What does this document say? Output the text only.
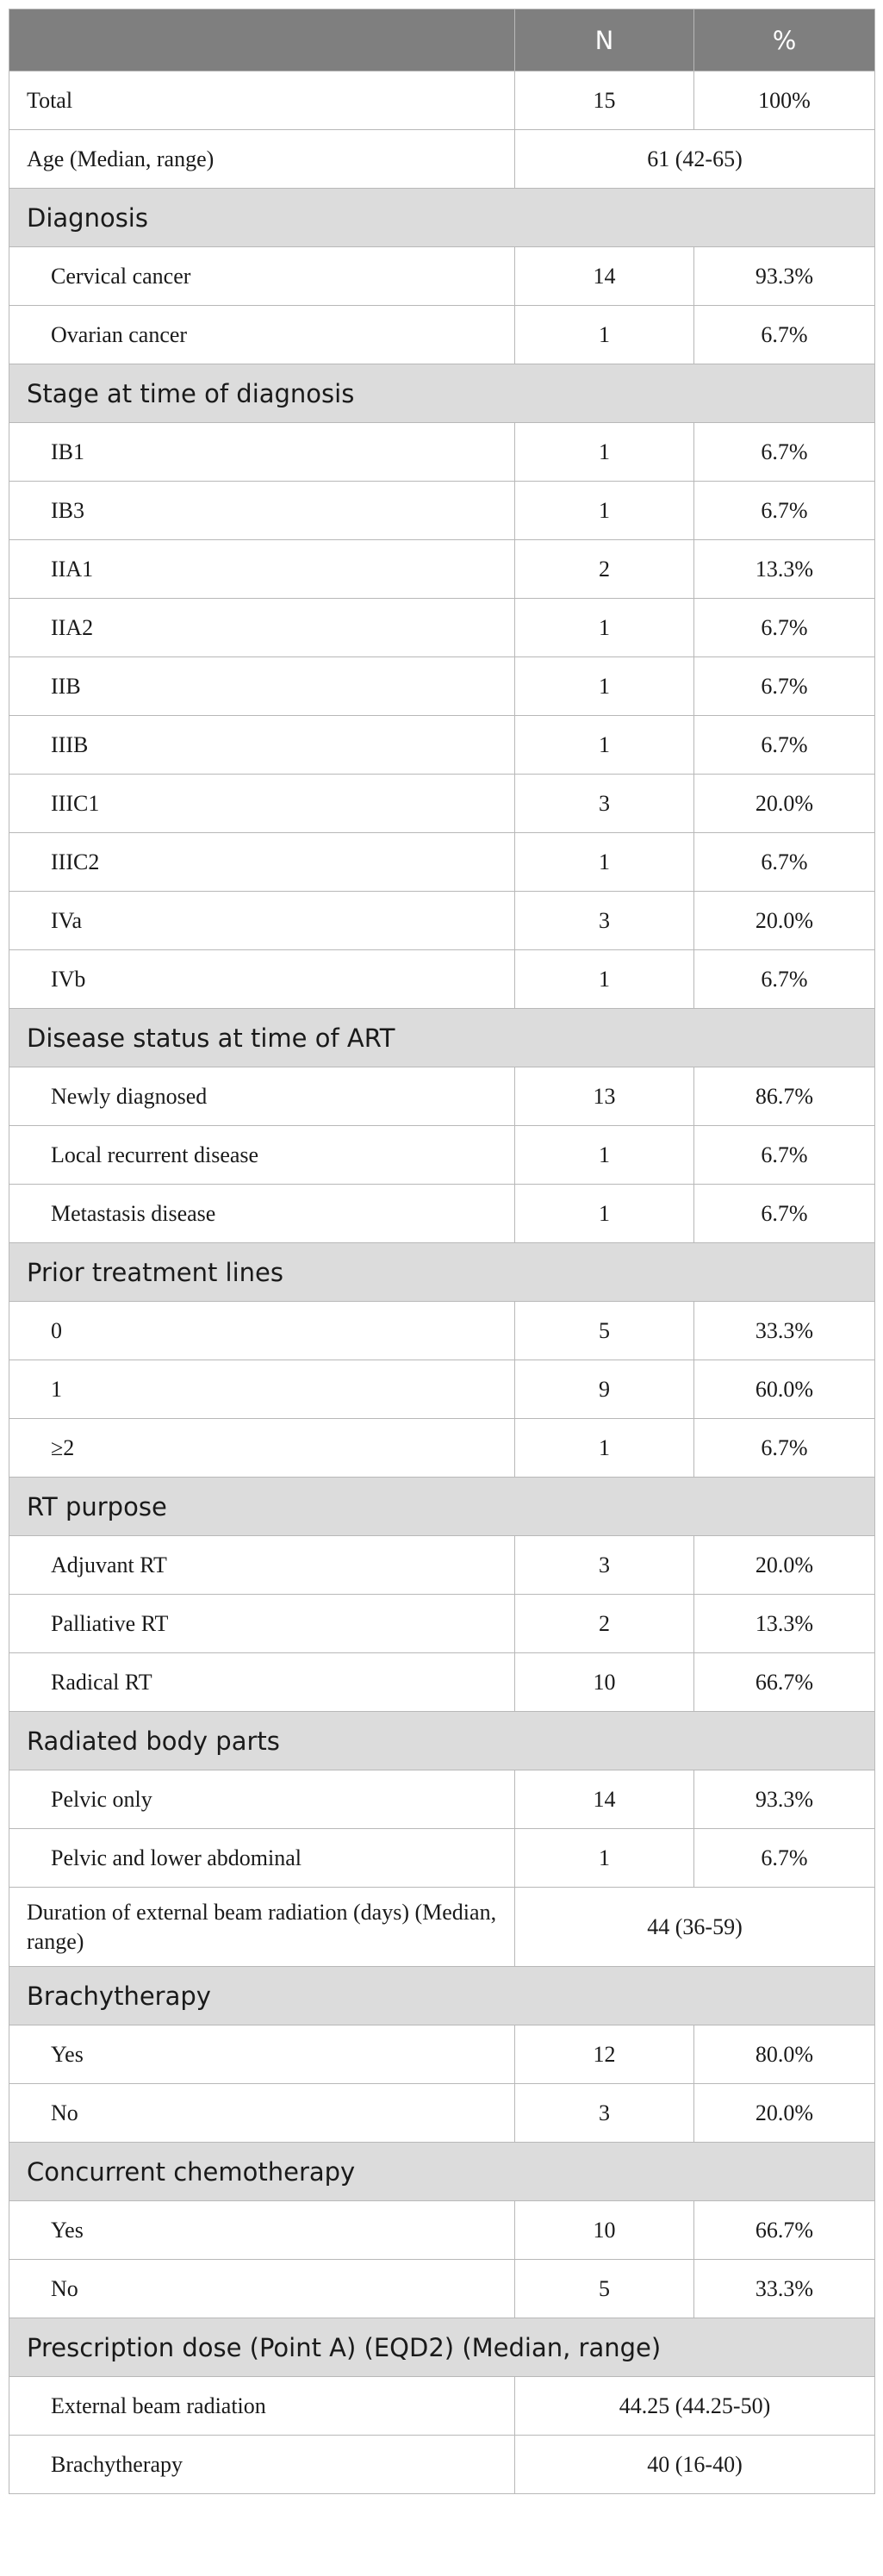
	N	%
Total	15	100%
Age (Median, range)	61 (42-65)	
Diagnosis		
Cervical cancer	14	93.3%
Ovarian cancer	1	6.7%
Stage at time of diagnosis		
IB1	1	6.7%
IB3	1	6.7%
IIA1	2	13.3%
IIA2	1	6.7%
IIB	1	6.7%
IIIB	1	6.7%
IIIC1	3	20.0%
IIIC2	1	6.7%
IVa	3	20.0%
IVb	1	6.7%
Disease status at time of ART		
Newly diagnosed	13	86.7%
Local recurrent disease	1	6.7%
Metastasis disease	1	6.7%
Prior treatment lines		
0	5	33.3%
1	9	60.0%
≥2	1	6.7%
RT purpose		
Adjuvant RT	3	20.0%
Palliative RT	2	13.3%
Radical RT	10	66.7%
Radiated body parts		
Pelvic only	14	93.3%
Pelvic and lower abdominal	1	6.7%
Duration of external beam radiation (days) (Median, range)	44 (36-59)	
Brachytherapy		
Yes	12	80.0%
No	3	20.0%
Concurrent chemotherapy		
Yes	10	66.7%
No	5	33.3%
Prescription dose (Point A) (EQD2) (Median, range)		
External beam radiation	44.25 (44.25-50)	
Brachytherapy	40 (16-40)	
